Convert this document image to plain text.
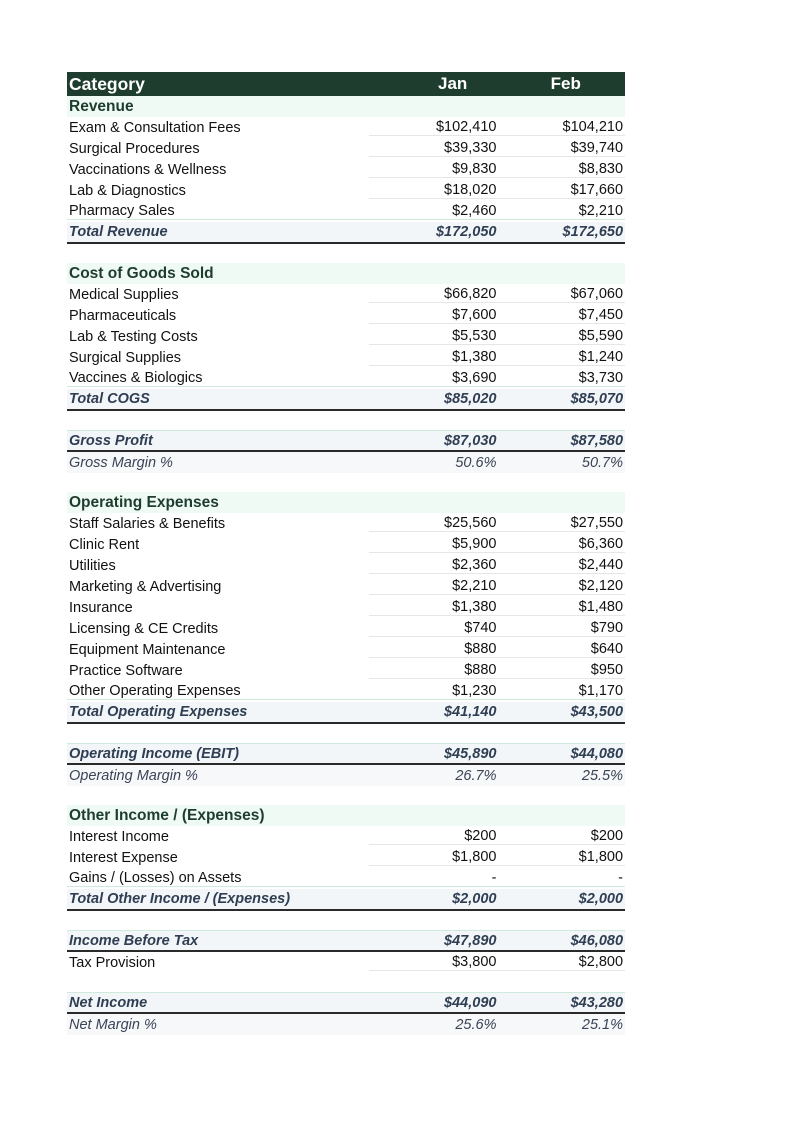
Category	Jan	Feb
Revenue
Exam & Consultation Fees	$102,410	$104,210
Surgical Procedures	$39,330	$39,740
Vaccinations & Wellness	$9,830	$8,830
Lab & Diagnostics	$18,020	$17,660
Pharmacy Sales	$2,460	$2,210
Total Revenue	$172,050	$172,650
Cost of Goods Sold
Medical Supplies	$66,820	$67,060
Pharmaceuticals	$7,600	$7,450
Lab & Testing Costs	$5,530	$5,590
Surgical Supplies	$1,380	$1,240
Vaccines & Biologics	$3,690	$3,730
Total COGS	$85,020	$85,070
Gross Profit	$87,030	$87,580
Gross Margin %	50.6%	50.7%
Operating Expenses
Staff Salaries & Benefits	$25,560	$27,550
Clinic Rent	$5,900	$6,360
Utilities	$2,360	$2,440
Marketing & Advertising	$2,210	$2,120
Insurance	$1,380	$1,480
Licensing & CE Credits	$740	$790
Equipment Maintenance	$880	$640
Practice Software	$880	$950
Other Operating Expenses	$1,230	$1,170
Total Operating Expenses	$41,140	$43,500
Operating Income (EBIT)	$45,890	$44,080
Operating Margin %	26.7%	25.5%
Other Income / (Expenses)
Interest Income	$200	$200
Interest Expense	$1,800	$1,800
Gains / (Losses) on Assets	-	-
Total Other Income / (Expenses)	$2,000	$2,000
Income Before Tax	$47,890	$46,080
Tax Provision	$3,800	$2,800
Net Income	$44,090	$43,280
Net Margin %	25.6%	25.1%
